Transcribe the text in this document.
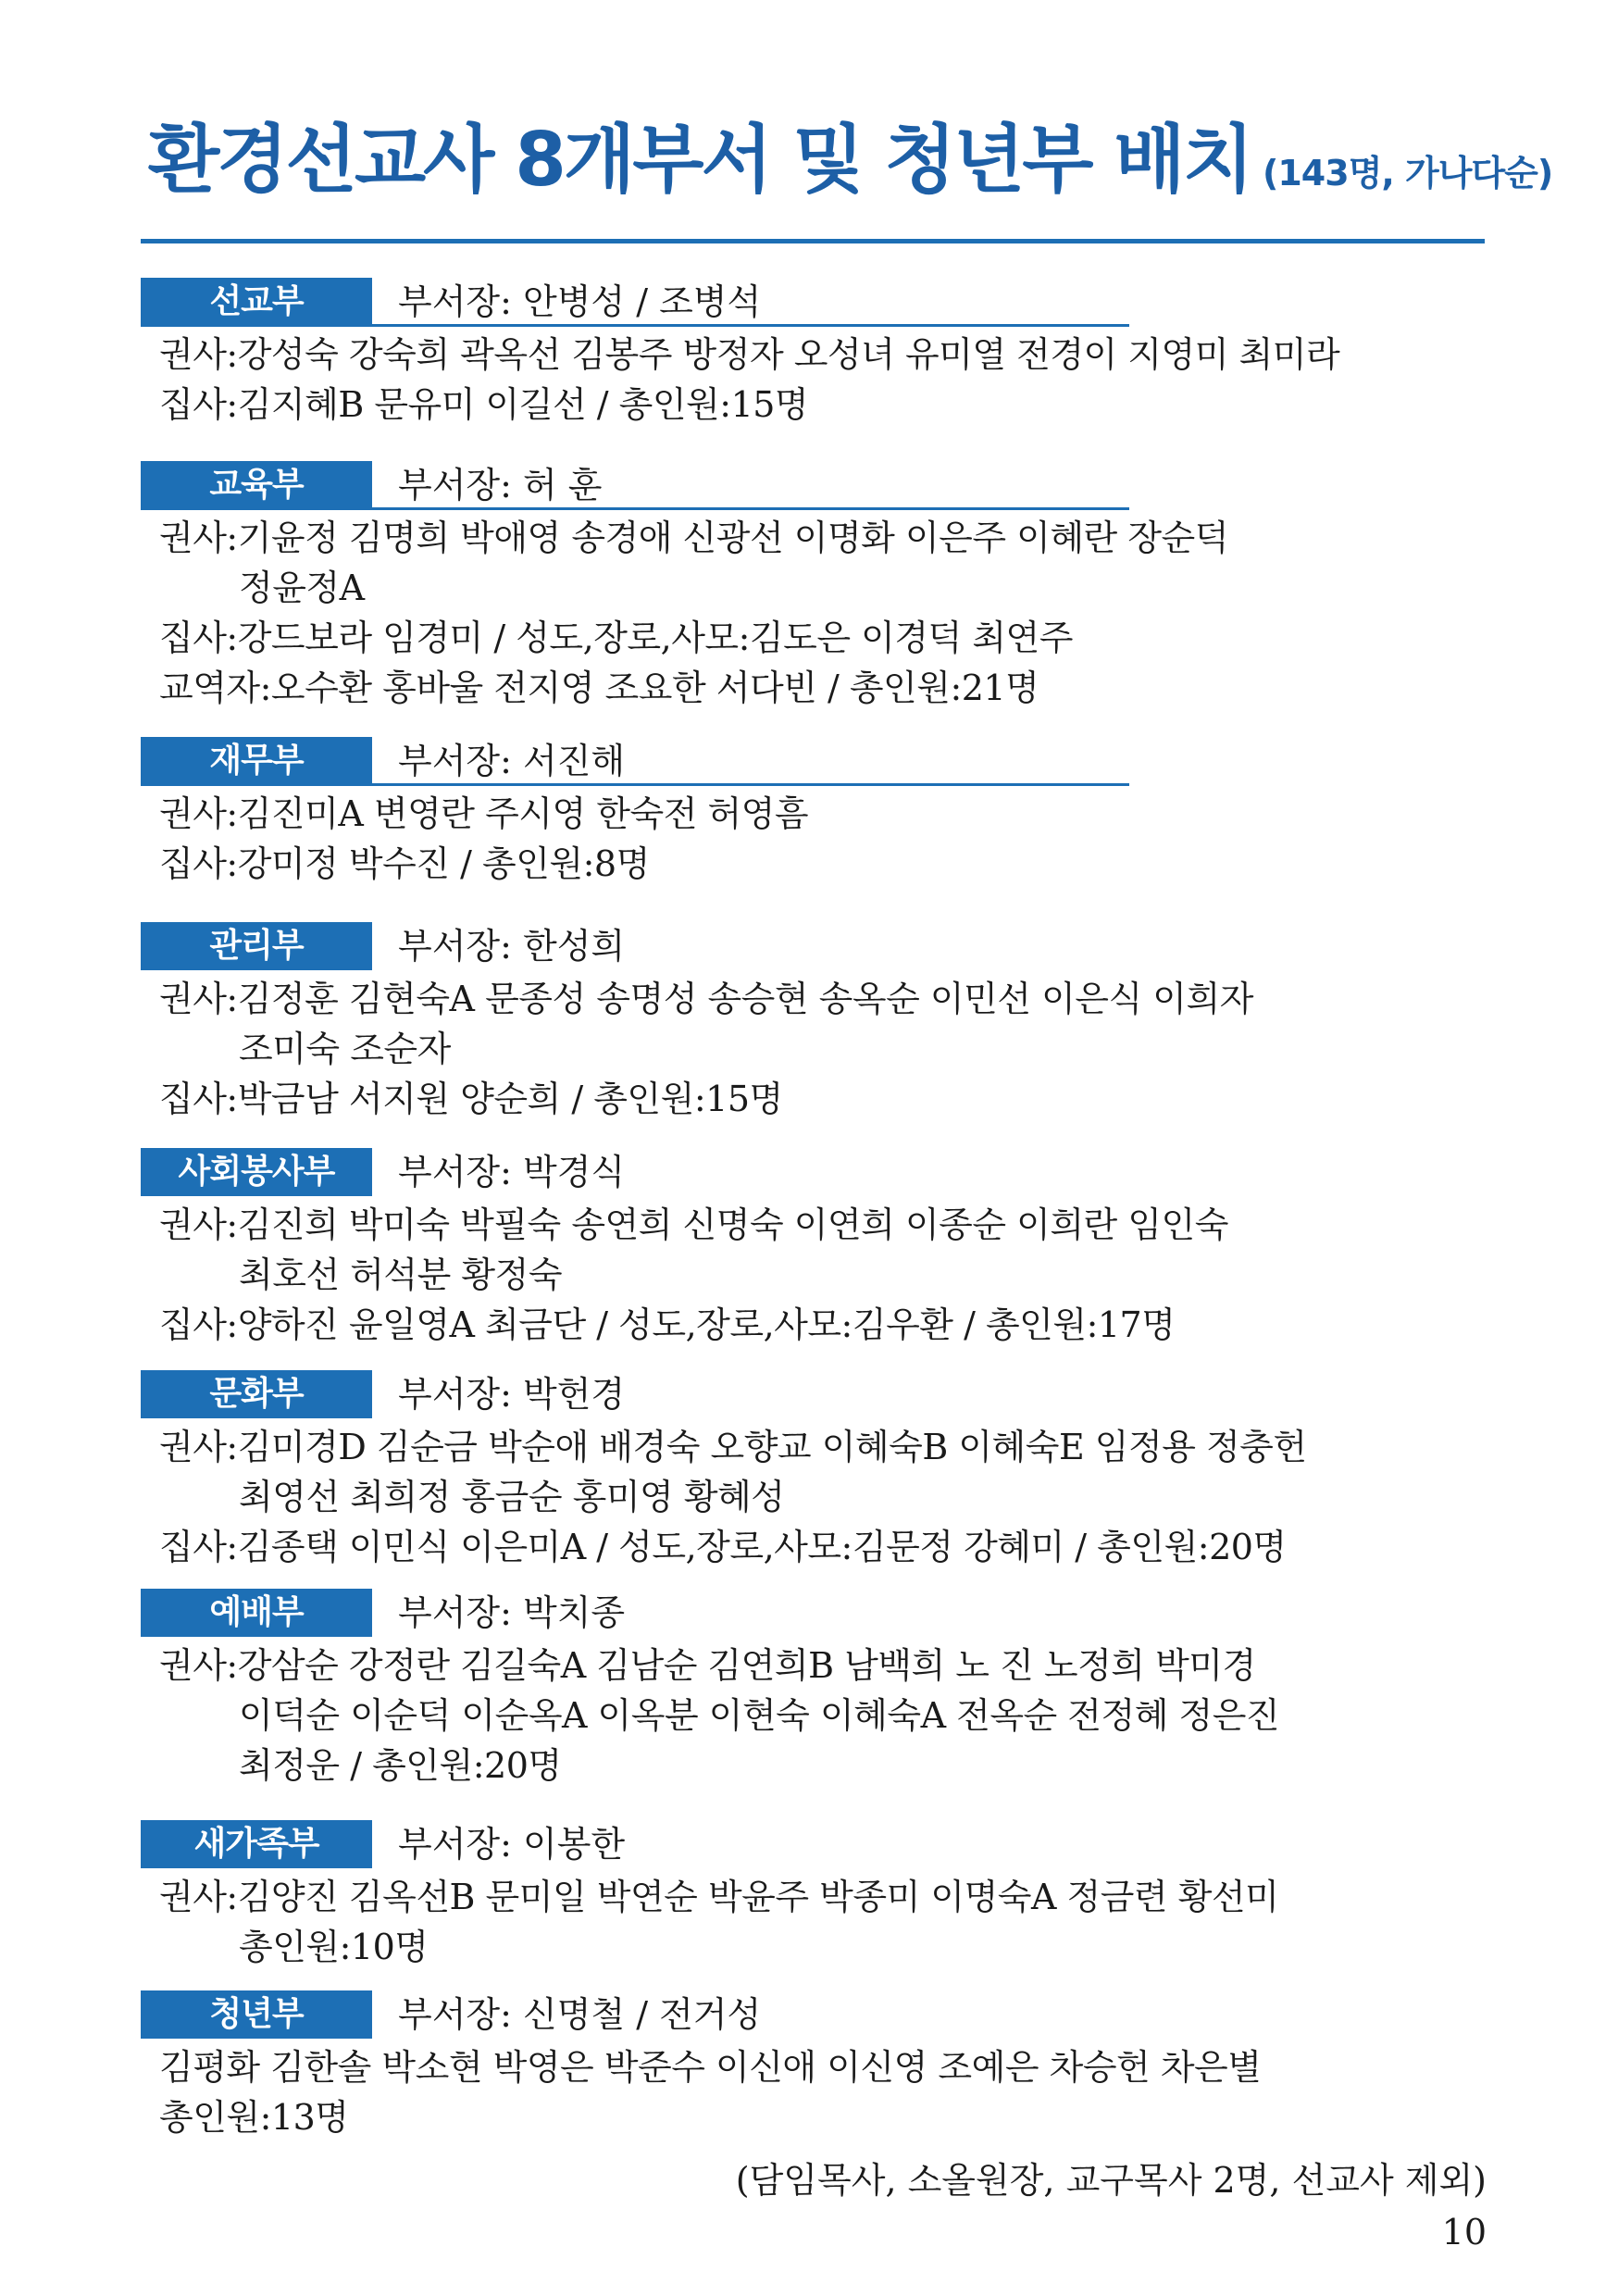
환경선교사 8개부서 및 청년부 배치 (143명, 가나다순)
선교부	부서장: 안병성 / 조병석
권사:강성숙 강숙희 곽옥선 김봉주 방정자 오성녀 유미열 전경이 지영미 최미라
집사:김지혜B 문유미 이길선 / 총인원:15명
교육부	부서장: 허 훈
권사:기윤정 김명희 박애영 송경애 신광선 이명화 이은주 이혜란 장순덕
정윤정A
집사:강드보라 임경미 / 성도,장로,사모:김도은 이경덕 최연주
교역자:오수환 홍바울 전지영 조요한 서다빈 / 총인원:21명
재무부	부서장: 서진해
권사:김진미A 변영란 주시영 한숙전 허영흠
집사:강미정 박수진 / 총인원:8명
관리부	부서장: 한성희
권사:김정훈 김현숙A 문종성 송명성 송승현 송옥순 이민선 이은식 이희자
조미숙 조순자
집사:박금남 서지원 양순희 / 총인원:15명
사회봉사부	부서장: 박경식
권사:김진희 박미숙 박필숙 송연희 신명숙 이연희 이종순 이희란 임인숙
최호선 허석분 황정숙
집사:양하진 윤일영A 최금단 / 성도,장로,사모:김우환 / 총인원:17명
문화부	부서장: 박헌경
권사:김미경D 김순금 박순애 배경숙 오향교 이혜숙B 이혜숙E 임정용 정충헌
최영선 최희정 홍금순 홍미영 황혜성
집사:김종택 이민식 이은미A / 성도,장로,사모:김문정 강혜미 / 총인원:20명
예배부	부서장: 박치종
권사:강삼순 강정란 김길숙A 김남순 김연희B 남백희 노 진 노정희 박미경
이덕순 이순덕 이순옥A 이옥분 이현숙 이혜숙A 전옥순 전정혜 정은진
최정운 / 총인원:20명
새가족부	부서장: 이봉한
권사:김양진 김옥선B 문미일 박연순 박윤주 박종미 이명숙A 정금련 황선미
총인원:10명
청년부	부서장: 신명철 / 전거성
김평화 김한솔 박소현 박영은 박준수 이신애 이신영 조예은 차승헌 차은별
총인원:13명
(담임목사, 소올원장, 교구목사 2명, 선교사 제외)
10
